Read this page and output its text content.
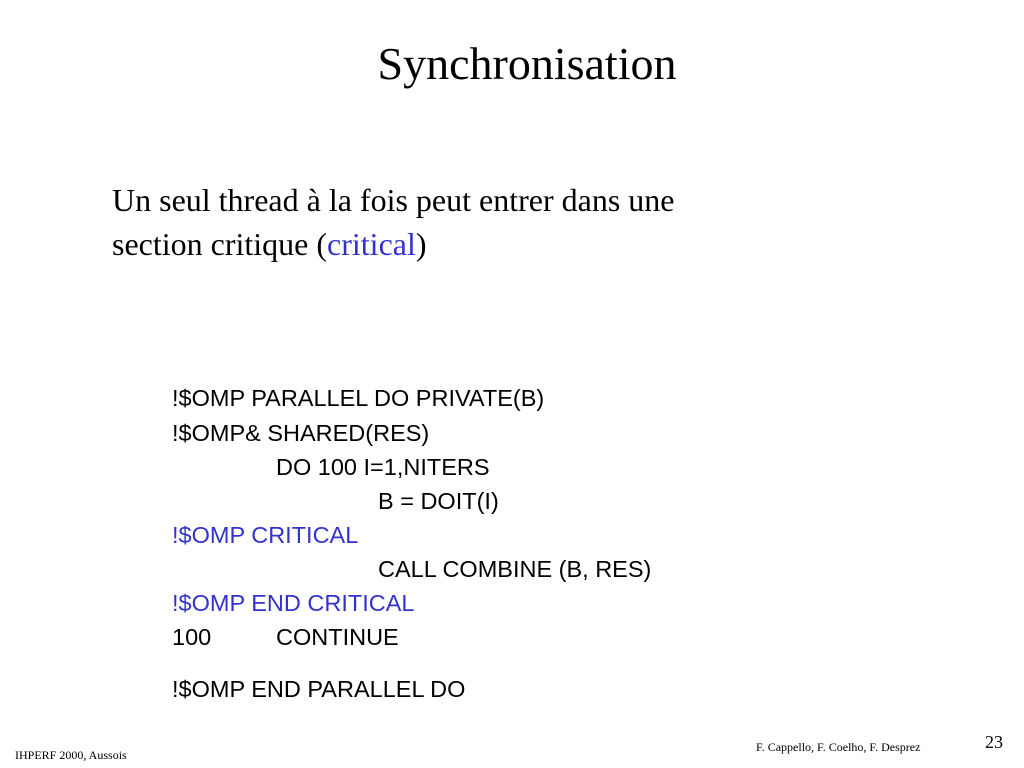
Synchronisation
Un seul thread à la fois peut entrer dans une
section critique (critical)
!$OMP PARALLEL DO PRIVATE(B)
!$OMP& SHARED(RES)
DO 100 I=1,NITERS
B = DOIT(I)
!$OMP CRITICAL
CALL COMBINE (B, RES)
!$OMP END CRITICAL
100	CONTINUE
!$OMP END PARALLEL DO
IHPERF 2000, Aussois
F. Cappello, F. Coelho, F. Desprez	23
